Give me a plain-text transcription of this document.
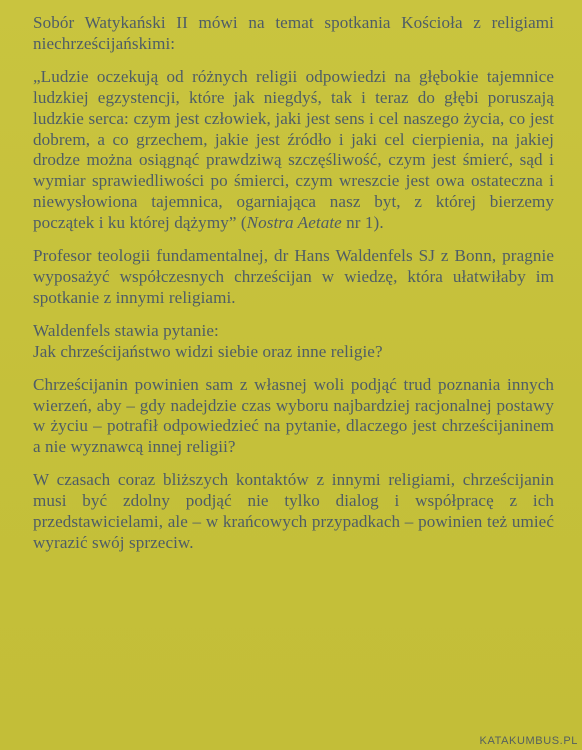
Sobór Watykański II mówi na temat spotkania Kościoła z religiami niechrześcijańskimi:

„Ludzie oczekują od różnych religii odpowiedzi na głębokie tajemnice ludzkiej egzystencji, które jak niegdyś, tak i teraz do głębi poruszają ludzkie serca: czym jest człowiek, jaki jest sens i cel naszego życia, co jest dobrem, a co grzechem, jakie jest źródło i jaki cel cierpienia, na jakiej drodze można osiągnąć prawdziwą szczęśliwość, czym jest śmierć, sąd i wymiar sprawiedliwości po śmierci, czym wreszcie jest owa ostateczna i niewysłowiona tajemnica, ogarniająca nasz byt, z której bierzemy początek i ku której dążymy” (Nostra Aetate nr 1).

Profesor teologii fundamentalnej, dr Hans Waldenfels SJ z Bonn, pragnie wyposażyć współczesnych chrześcijan w wiedzę, która ułatwiłaby im spotkanie z innymi religiami.

Waldenfels stawia pytanie:

Jak chrześcijaństwo widzi siebie oraz inne religie?

Chrześcijanin powinien sam z własnej woli podjąć trud poznania innych wierzeń, aby – gdy nadejdzie czas wyboru najbardziej racjonalnej postawy w życiu – potrafił odpowiedzieć na pytanie, dlaczego jest chrześcijaninem a nie wyznawcą innej religii?

W czasach coraz bliższych kontaktów z innymi religiami, chrześcijanin musi być zdolny podjąć nie tylko dialog i współpracę z ich przedstawicielami, ale – w krańcowych przypadkach – powinien też umieć wyrazić swój sprzeciw.

KATAKUMBUS.PL
